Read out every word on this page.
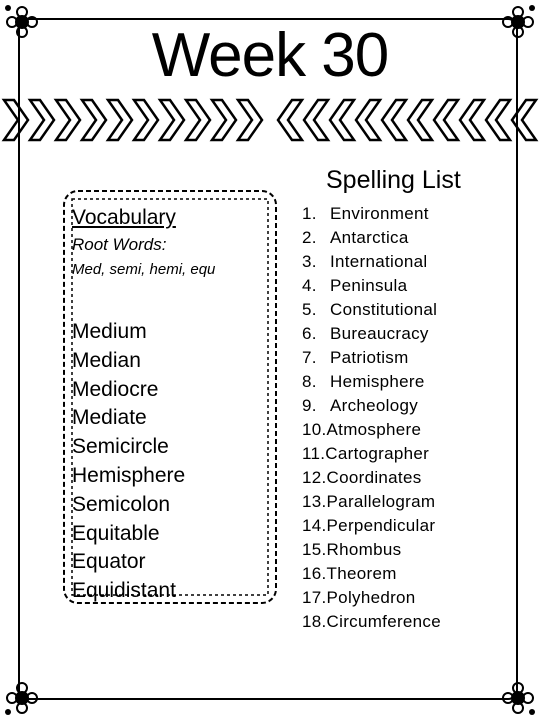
Week 30
Spelling List
Vocabulary
Root Words:
Med, semi, hemi, equ
Medium
Median
Mediocre
Mediate
Semicircle
Hemisphere
Semicolon
Equitable
Equator
Equidistant
1. Environment
2. Antarctica
3. International
4. Peninsula
5. Constitutional
6. Bureaucracy
7. Patriotism
8. Hemisphere
9. Archeology
10.Atmosphere
11.Cartographer
12.Coordinates
13.Parallelogram
14.Perpendicular
15.Rhombus
16.Theorem
17.Polyhedron
18.Circumference
